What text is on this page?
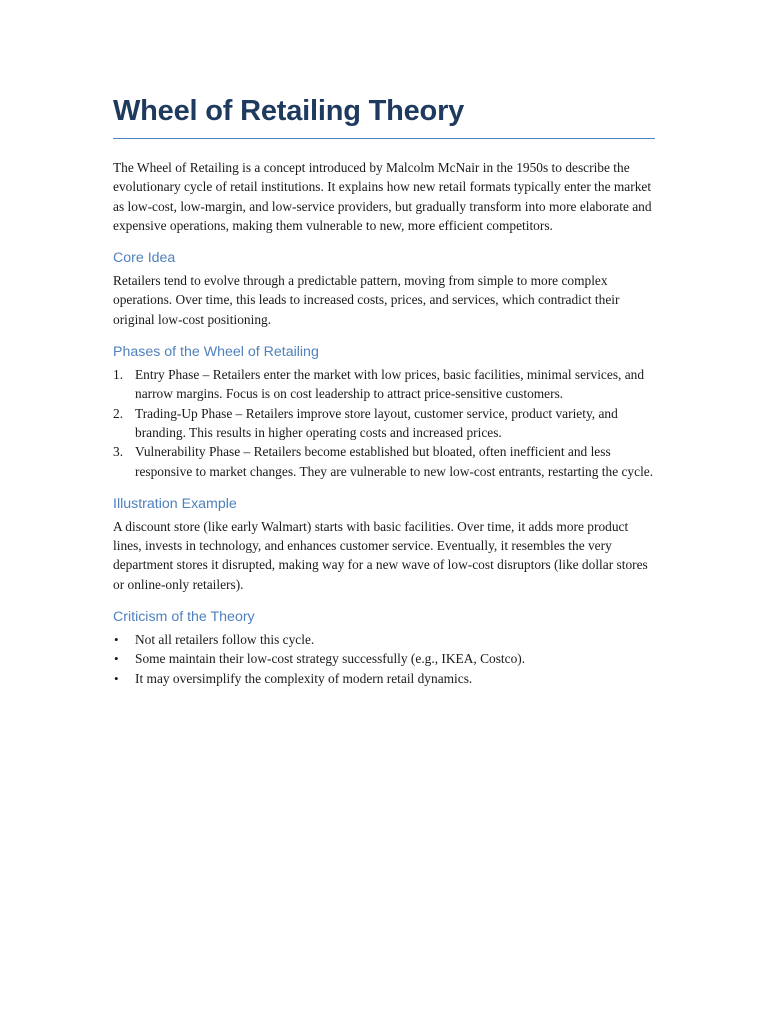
Wheel of Retailing Theory

The Wheel of Retailing is a concept introduced by Malcolm McNair in the 1950s to describe the evolutionary cycle of retail institutions. It explains how new retail formats typically enter the market as low-cost, low-margin, and low-service providers, but gradually transform into more elaborate and expensive operations, making them vulnerable to new, more efficient competitors.

Core Idea

Retailers tend to evolve through a predictable pattern, moving from simple to more complex operations. Over time, this leads to increased costs, prices, and services, which contradict their original low-cost positioning.

Phases of the Wheel of Retailing
1. Entry Phase – Retailers enter the market with low prices, basic facilities, minimal services, and narrow margins. Focus is on cost leadership to attract price-sensitive customers.
2. Trading-Up Phase – Retailers improve store layout, customer service, product variety, and branding. This results in higher operating costs and increased prices.
3. Vulnerability Phase – Retailers become established but bloated, often inefficient and less responsive to market changes. They are vulnerable to new low-cost entrants, restarting the cycle.
Illustration Example

A discount store (like early Walmart) starts with basic facilities. Over time, it adds more product lines, invests in technology, and enhances customer service. Eventually, it resembles the very department stores it disrupted, making way for a new wave of low-cost disruptors (like dollar stores or online-only retailers).

Criticism of the Theory
• Not all retailers follow this cycle.
• Some maintain their low-cost strategy successfully (e.g., IKEA, Costco).
• It may oversimplify the complexity of modern retail dynamics.
